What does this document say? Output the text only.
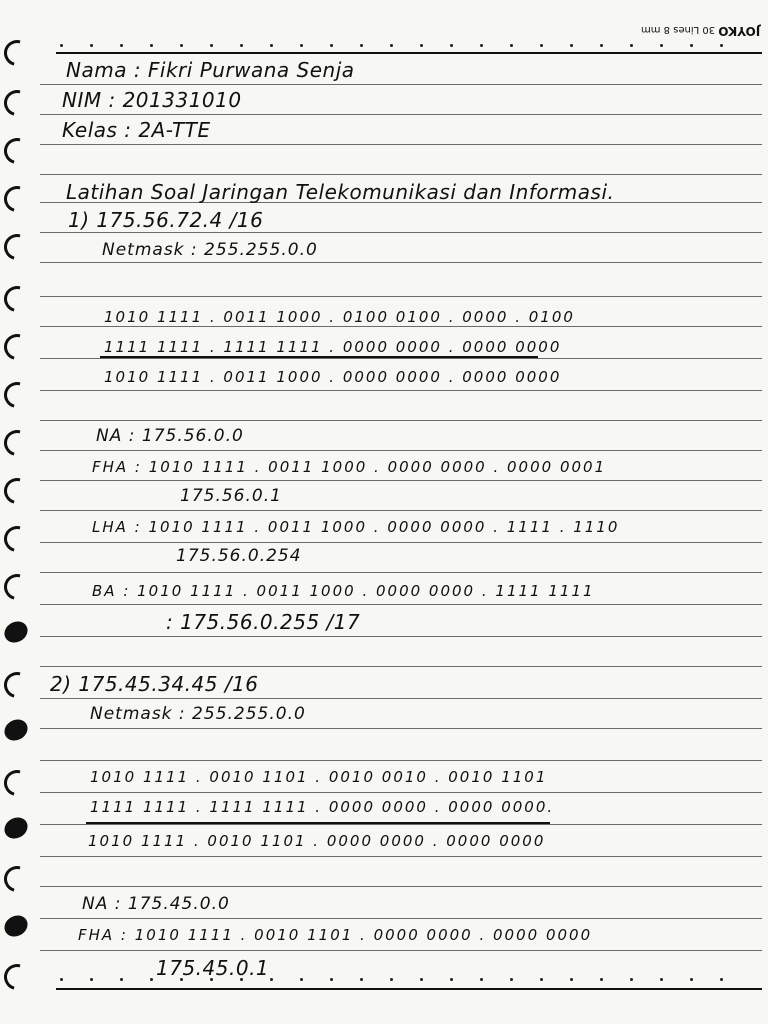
JOYKO 30 Lines 8 mm
Nama : Fikri Purwana Senja
NIM : 201331010
Kelas : 2A-TTE
Latihan Soal Jaringan Telekomunikasi dan Informasi.
1) 175.56.72.4 /16
Netmask : 255.255.0.0
1010 1111 . 0011 1000 . 0100 0100 . 0000 . 0100
1111 1111 . 1111 1111 . 0000 0000 . 0000 0000
1010 1111 . 0011 1000 . 0000 0000 . 0000 0000
NA : 175.56.0.0
FHA : 1010 1111 . 0011 1000 . 0000 0000 . 0000 0001
175.56.0.1
LHA : 1010 1111 . 0011 1000 . 0000 0000 . 1111 . 1110
175.56.0.254
BA : 1010 1111 . 0011 1000 . 0000 0000 . 1111 1111
: 175.56.0.255 /17
2) 175.45.34.45 /16
Netmask : 255.255.0.0
1010 1111 . 0010 1101 . 0010 0010 . 0010 1101
1111 1111 . 1111 1111 . 0000 0000 . 0000 0000.
1010 1111 . 0010 1101 . 0000 0000 . 0000 0000
NA : 175.45.0.0
FHA : 1010 1111 . 0010 1101 . 0000 0000 . 0000 0000
175.45.0.1
